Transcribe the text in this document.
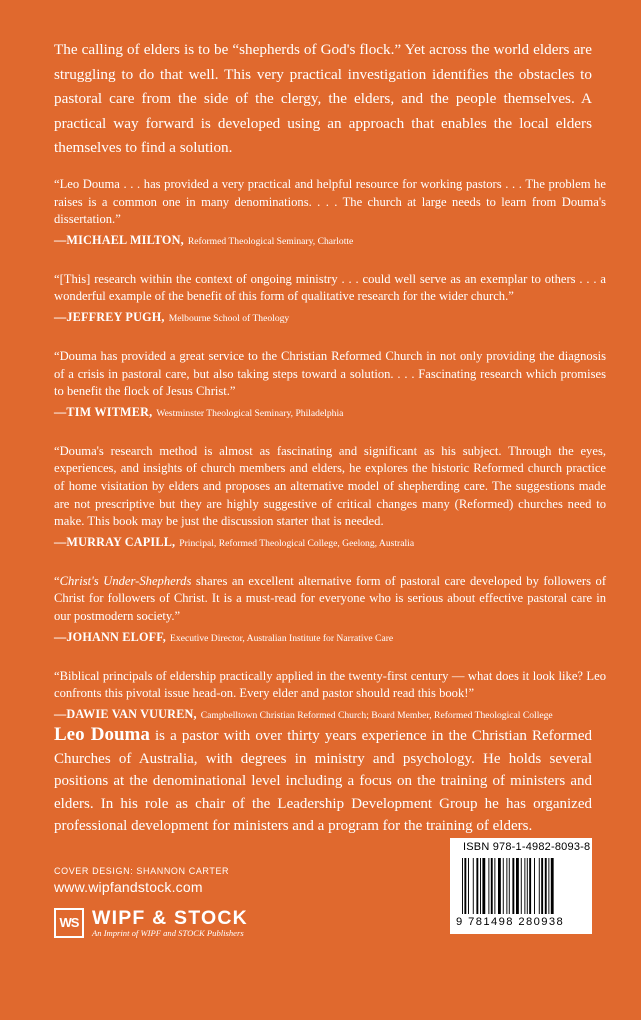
The calling of elders is to be “shepherds of God's flock.” Yet across the world elders are struggling to do that well. This very practical investigation identifies the obstacles to pastoral care from the side of the clergy, the elders, and the people themselves. A practical way forward is developed using an approach that enables the local elders themselves to find a solution.

“Leo Douma . . . has provided a very practical and helpful resource for working pastors . . . The problem he raises is a common one in many denominations. . . . The church at large needs to learn from Douma's dissertation.”

—MICHAEL MILTON, Reformed Theological Seminary, Charlotte

“[This] research within the context of ongoing ministry . . . could well serve as an exemplar to others . . . a wonderful example of the benefit of this form of qualitative research for the wider church.”

—JEFFREY PUGH, Melbourne School of Theology

“Douma has provided a great service to the Christian Reformed Church in not only providing the diagnosis of a crisis in pastoral care, but also taking steps toward a solution. . . . Fascinating research which promises to benefit the flock of Jesus Christ.”

—TIM WITMER, Westminster Theological Seminary, Philadelphia

“Douma's research method is almost as fascinating and significant as his subject. Through the eyes, experiences, and insights of church members and elders, he explores the historic Reformed church practice of home visitation by elders and proposes an alternative model of shepherding care. The suggestions made are not prescriptive but they are highly suggestive of critical changes many (Reformed) churches need to make. This book may be just the discussion starter that is needed.

—MURRAY CAPILL, Principal, Reformed Theological College, Geelong, Australia

“Christ's Under-Shepherds shares an excellent alternative form of pastoral care developed by followers of Christ for followers of Christ. It is a must-read for everyone who is serious about effective pastoral care in our postmodern society.”

—JOHANN ELOFF, Executive Director, Australian Institute for Narrative Care

“Biblical principals of eldership practically applied in the twenty-first century — what does it look like? Leo confronts this pivotal issue head-on. Every elder and pastor should read this book!”

—DAWIE VAN VUUREN, Campbelltown Christian Reformed Church; Board Member, Reformed Theological College

Leo Douma is a pastor with over thirty years experience in the Christian Reformed Churches of Australia, with degrees in ministry and psychology. He holds several positions at the denominational level including a focus on the training of ministers and elders. In his role as chair of the Leadership Development Group he has organized professional development for ministers and a program for the training of elders.

COVER DESIGN: SHANNON CARTER

www.wipfandstock.com

WS WIPF & STOCK

An Imprint of WIPF and STOCK Publishers

ISBN 978-1-4982-8093-8

9 781498 280938
